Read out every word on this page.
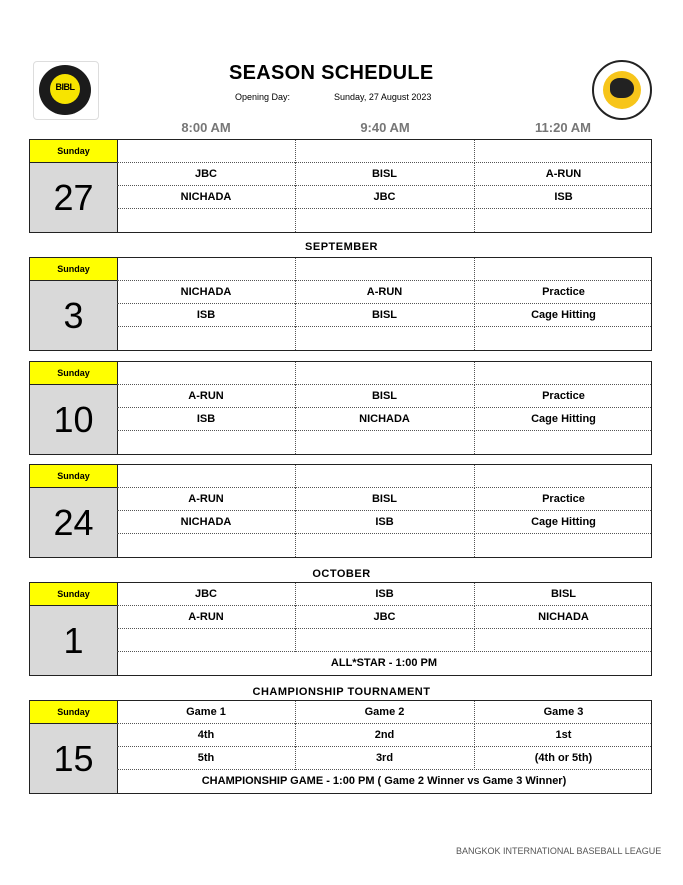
BIBL
SEASON SCHEDULE
Opening Day:	Sunday, 27 August 2023
8:00 AM	9:40 AM	11:20 AM
SEPTEMBER
OCTOBER
CHAMPIONSHIP TOURNAMENT
Sunday
27
JBC	BISL	A-RUN
NICHADA	JBC	ISB
Sunday
3
NICHADA	A-RUN	Practice
ISB	BISL	Cage Hitting
Sunday
10
A-RUN	BISL	Practice
ISB	NICHADA	Cage Hitting
Sunday
24
A-RUN	BISL	Practice
NICHADA	ISB	Cage Hitting
Sunday
1
JBC	ISB	BISL
A-RUN	JBC	NICHADA
ALL*STAR - 1:00 PM
Sunday
15
Game 1	Game 2	Game 3
4th	2nd	1st
5th	3rd	(4th or 5th)
CHAMPIONSHIP GAME - 1:00 PM ( Game 2 Winner vs Game 3 Winner)
BANGKOK INTERNATIONAL BASEBALL LEAGUE
